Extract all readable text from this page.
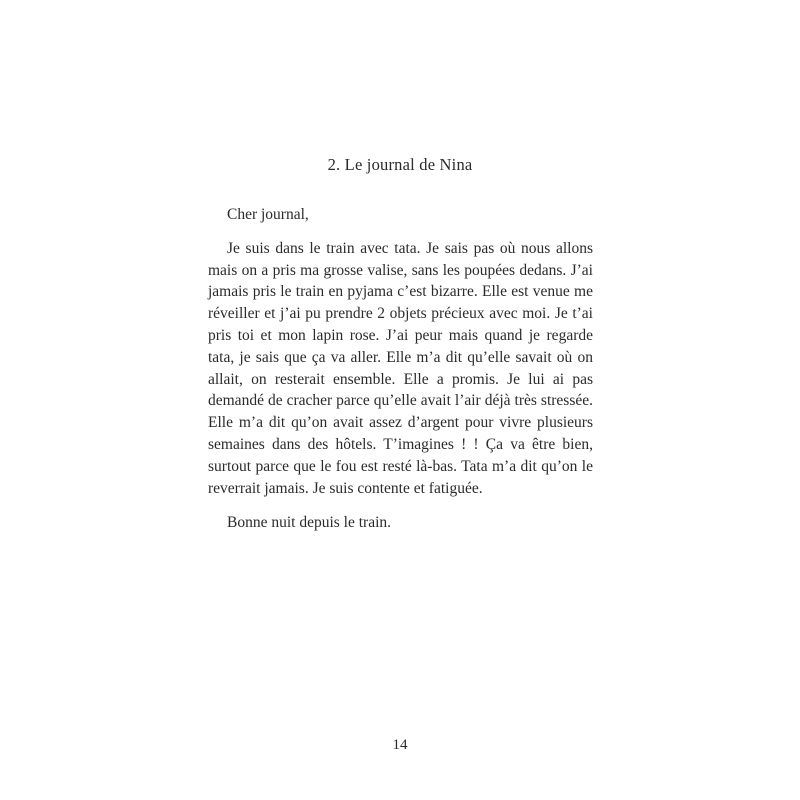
2. Le journal de Nina

Cher journal,

Je suis dans le train avec tata. Je sais pas où nous allons mais on a pris ma grosse valise, sans les poupées dedans. J’ai jamais pris le train en pyjama c’est bizarre. Elle est venue me réveiller et j’ai pu prendre 2 objets précieux avec moi. Je t’ai pris toi et mon lapin rose. J’ai peur mais quand je regarde tata, je sais que ça va aller. Elle m’a dit qu’elle savait où on allait, on resterait ensemble. Elle a promis. Je lui ai pas demandé de cracher parce qu’elle avait l’air déjà très stressée. Elle m’a dit qu’on avait assez d’argent pour vivre plusieurs semaines dans des hôtels. T’imagines ! ! Ça va être bien, surtout parce que le fou est resté là-bas. Tata m’a dit qu’on le reverrait jamais. Je suis contente et fatiguée.

Bonne nuit depuis le train.

14
